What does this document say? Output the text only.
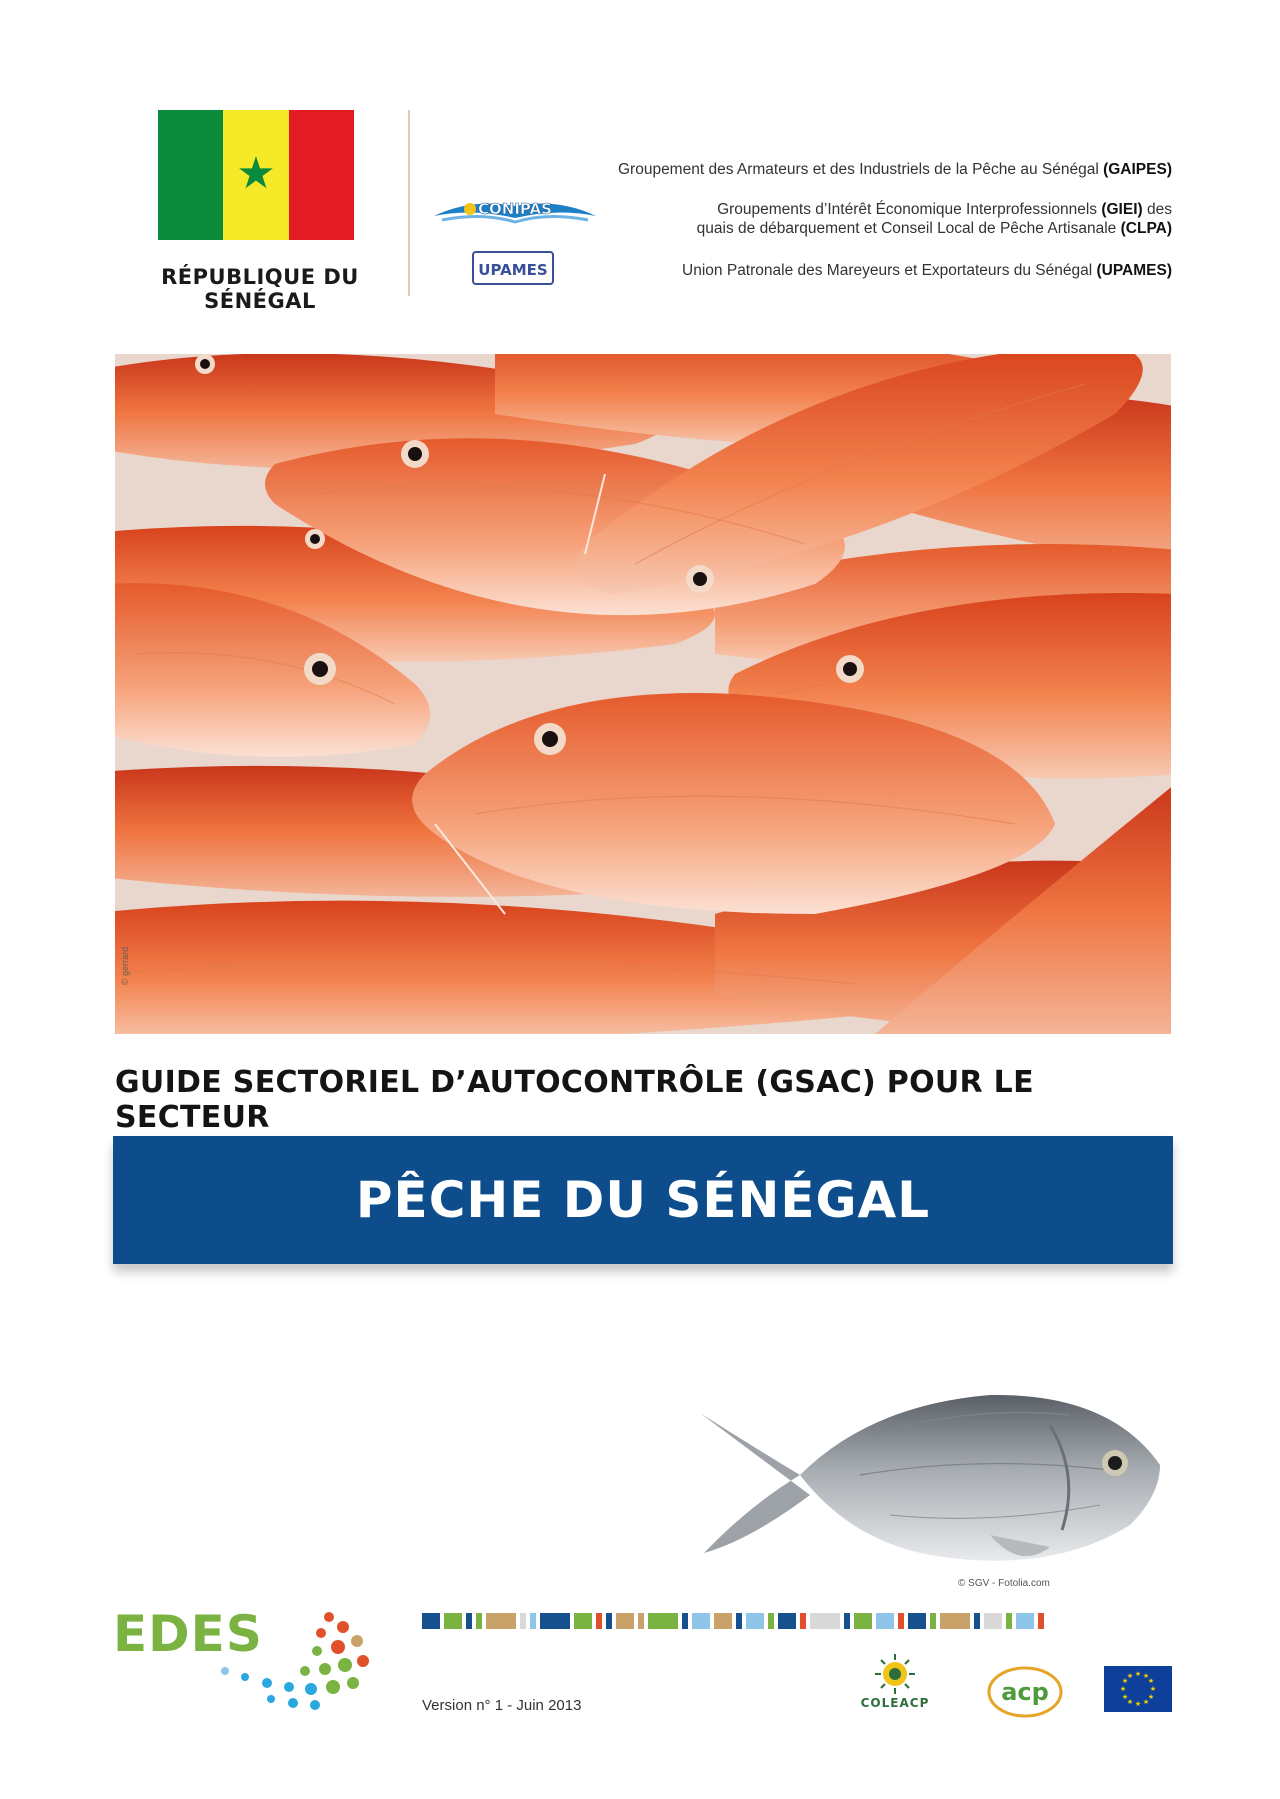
★
RÉPUBLIQUE DU SÉNÉGAL
CONIPAS
UPAMES
Groupement des Armateurs et des Industriels de la Pêche au Sénégal (GAIPES)
Groupements d’Intérêt Économique Interprofessionnels (GIEI) des
quais de débarquement et Conseil Local de Pêche Artisanale (CLPA)
Union Patronale des Mareyeurs et Exportateurs du Sénégal (UPAMES)
© gerrard
GUIDE SECTORIEL D’AUTOCONTRÔLE (GSAC) POUR LE SECTEUR
PÊCHE DU SÉNÉGAL
© SGV - Fotolia.com
EDES
Version n° 1 - Juin 2013	COLEACP	acp
★ ★
★
★
★
★
★
★
★
★
★
★
